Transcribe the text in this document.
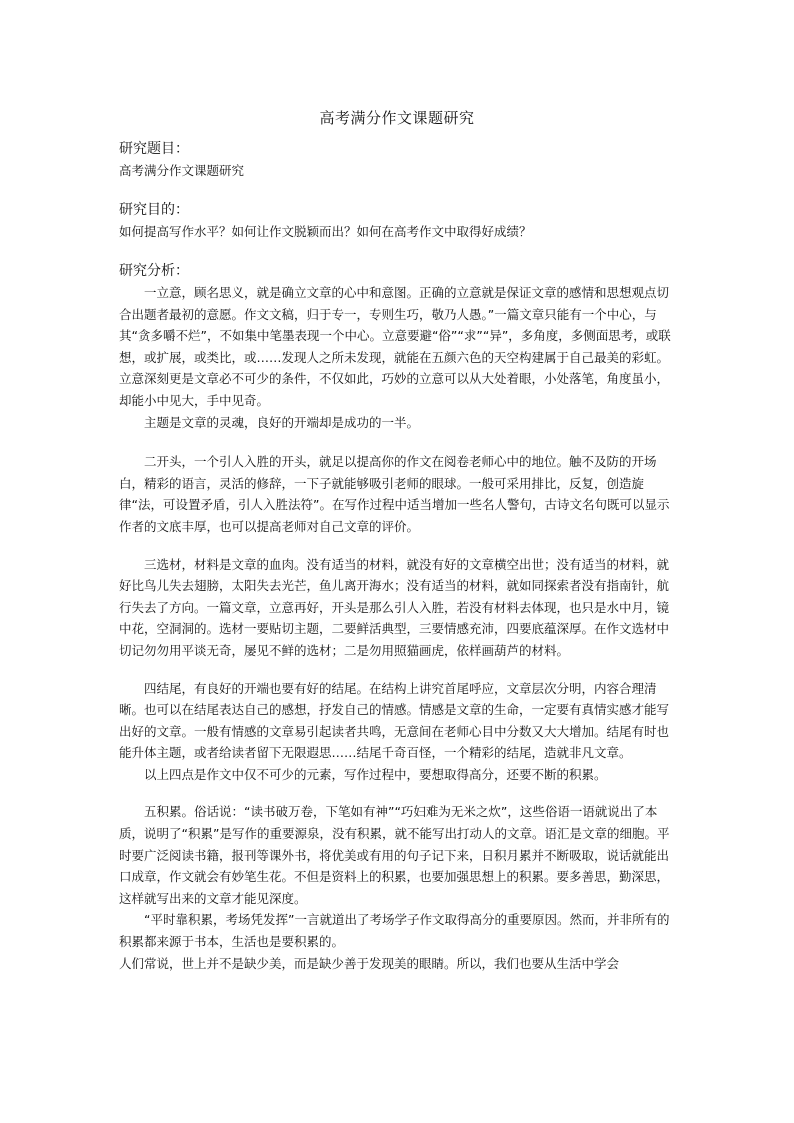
高考满分作文课题研究

研究题目：

高考满分作文课题研究

研究目的：

如何提高写作水平？如何让作文脱颖而出？如何在高考作文中取得好成绩？

研究分析：

一立意，顾名思义，就是确立文章的心中和意图。正确的立意就是保证文章的感情和思想观点切合出题者最初的意愿。作文文稿，归于专一，专则生巧，敬乃人愚。”一篇文章只能有一个中心，与其“贪多嚼不烂”，不如集中笔墨表现一个中心。立意要避“俗”“求”“异”，多角度，多侧面思考，或联想，或扩展，或类比，或……发现人之所未发现，就能在五颜六色的天空构建属于自己最美的彩虹。立意深刻更是文章必不可少的条件，不仅如此，巧妙的立意可以从大处着眼，小处落笔，角度虽小，却能小中见大，手中见奇。

主题是文章的灵魂，良好的开端却是成功的一半。

二开头，一个引人入胜的开头，就足以提高你的作文在阅卷老师心中的地位。触不及防的开场白，精彩的语言，灵活的修辞，一下子就能够吸引老师的眼球。一般可采用排比，反复，创造旋律“法，可设置矛盾，引人入胜法符”。在写作过程中适当增加一些名人警句，古诗文名句既可以显示作者的文底丰厚，也可以提高老师对自己文章的评价。

三选材，材料是文章的血肉。没有适当的材料，就没有好的文章横空出世；没有适当的材料，就好比鸟儿失去翅膀，太阳失去光芒，鱼儿离开海水；没有适当的材料，就如同探索者没有指南针，航行失去了方向。一篇文章，立意再好，开头是那么引人入胜，若没有材料去体现，也只是水中月，镜中花，空洞洞的。选材一要贴切主题，二要鲜活典型，三要情感充沛，四要底蕴深厚。在作文选材中切记勿勿用平谈无奇，屡见不鲜的选材；二是勿用照猫画虎，依样画葫芦的材料。

四结尾，有良好的开端也要有好的结尾。在结构上讲究首尾呼应，文章层次分明，内容合理清晰。也可以在结尾表达自己的感想，抒发自己的情感。情感是文章的生命，一定要有真情实感才能写出好的文章。一般有情感的文章易引起读者共鸣，无意间在老师心目中分数又大大增加。结尾有时也能升体主题，或者给读者留下无限遐思……结尾千奇百怪，一个精彩的结尾，造就非凡文章。

以上四点是作文中仅不可少的元素，写作过程中，要想取得高分，还要不断的积累。

五积累。俗话说：“读书破万卷，下笔如有神”“巧妇难为无米之炊”，这些俗语一语就说出了本质，说明了“积累”是写作的重要源泉，没有积累，就不能写出打动人的文章。语汇是文章的细胞。平时要广泛阅读书籍，报刊等课外书，将优美或有用的句子记下来，日积月累并不断吸取，说话就能出口成章，作文就会有妙笔生花。不但是资料上的积累，也要加强思想上的积累。要多善思，勤深思，这样就写出来的文章才能见深度。

“平时靠积累，考场凭发挥”一言就道出了考场学子作文取得高分的重要原因。然而，并非所有的积累都来源于书本，生活也是要积累的。

人们常说，世上并不是缺少美，而是缺少善于发现美的眼睛。所以，我们也要从生活中学会
